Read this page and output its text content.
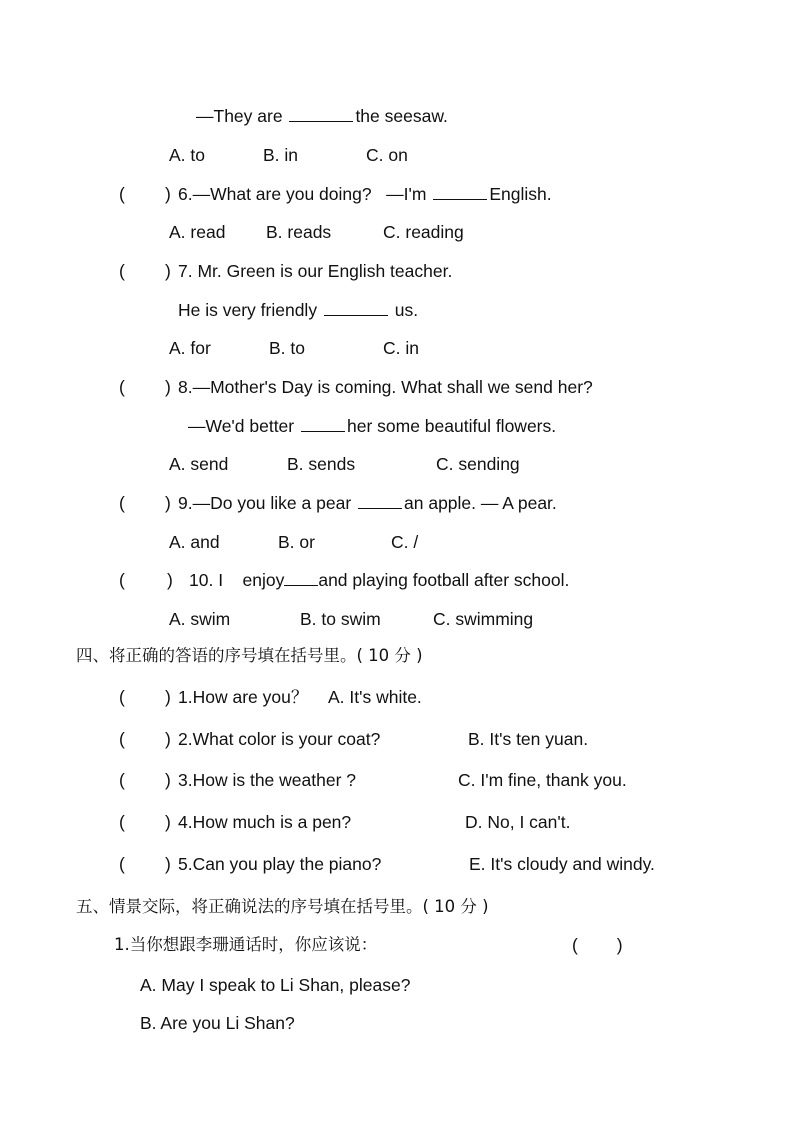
—They are	the seesaw.
A. to	B. in	C. on
( ) 6.—What are you doing?   —I'm	English.
A. read B. reads	C. reading
( ) 7. Mr. Green is our English teacher.
He is very friendly	us.
A. for	B. to	C. in
( ) 8.—Mother's Day is coming. What shall we send her?
—We'd better	her some beautiful flowers.
A. send	B. sends	C. sending
( ) 9.—Do you like a pear	an apple. — A pear.
A. and	B. or	C. /
( ) 10. I    enjoy and playing football after school.
A. swim	B. to swim	C. swimming
四、将正确的答语的序号填在括号里。( 10 分 )
( ) 1.How are you？ A. It's white.
( ) 2.What color is your coat?	B. It's ten yuan.
( ) 3.How is the weather ?	C. I'm fine, thank you.
( ) 4.How much is a pen?	D. No, I can't.
( ) 5.Can you play the piano?	E. It's cloudy and windy.
五、情景交际，将正确说法的序号填在括号里。( 10 分 )
1.当你想跟李珊通话时，你应该说：	(        )
A. May I speak to Li Shan, please?
B. Are you Li Shan?
